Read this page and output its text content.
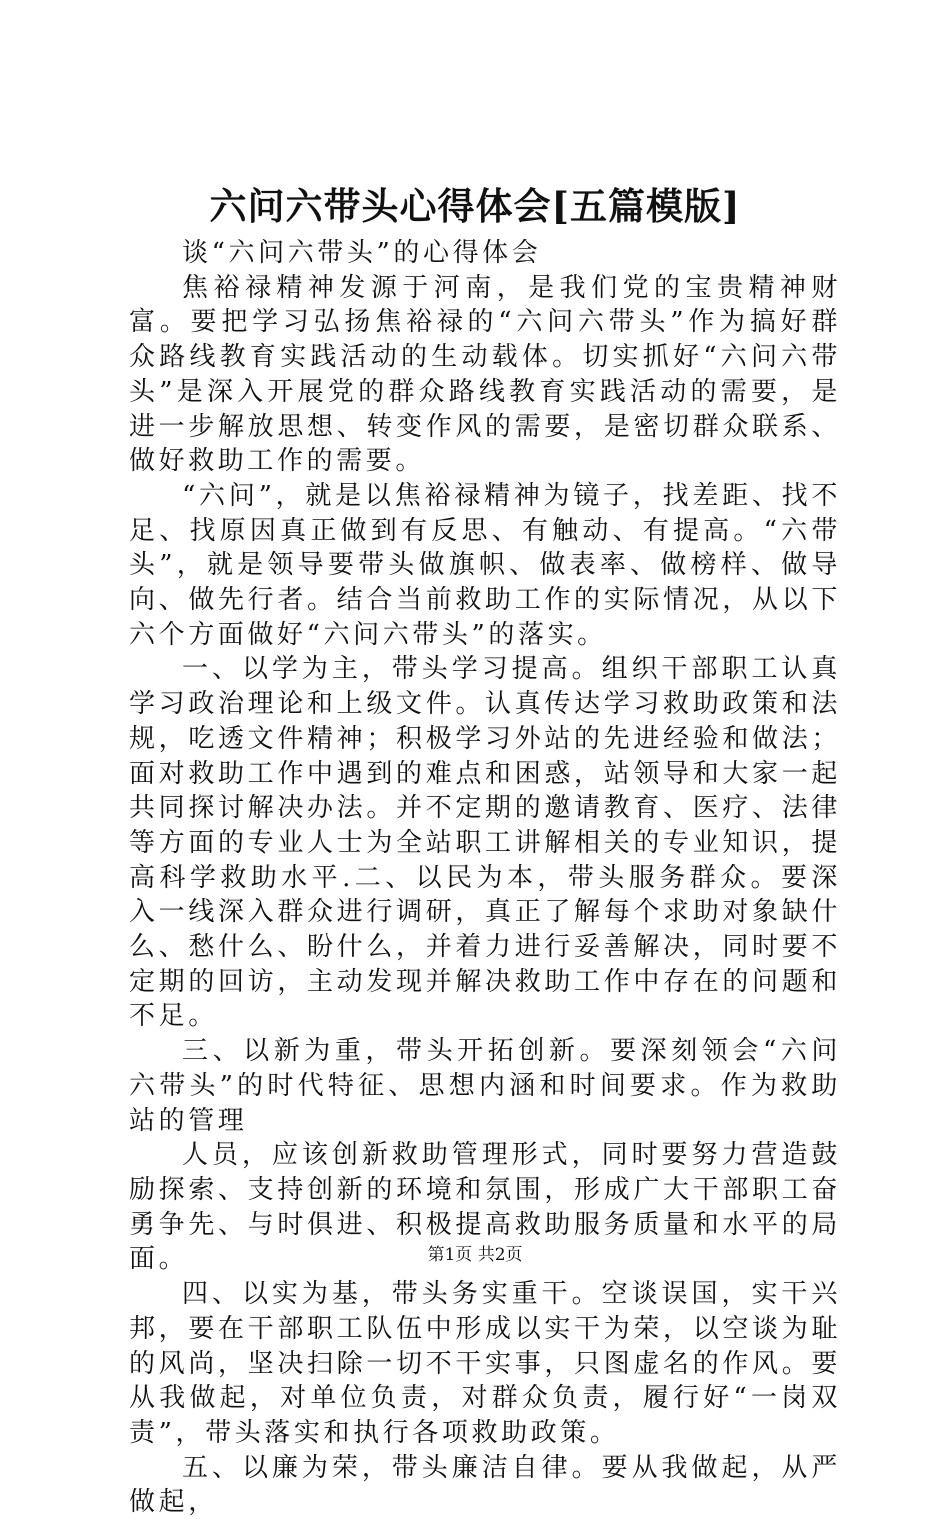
六问六带头心得体会[五篇模版]

谈“六问六带头”的心得体会

焦裕禄精神发源于河南，是我们党的宝贵精神财富。要把学习弘扬焦裕禄的“六问六带头”作为搞好群众路线教育实践活动的生动载体。切实抓好“六问六带头”是深入开展党的群众路线教育实践活动的需要，是进一步解放思想、转变作风的需要，是密切群众联系、做好救助工作的需要。

“六问”，就是以焦裕禄精神为镜子，找差距、找不足、找原因真正做到有反思、有触动、有提高。“六带头”，就是领导要带头做旗帜、做表率、做榜样、做导向、做先行者。结合当前救助工作的实际情况，从以下六个方面做好“六问六带头”的落实。

一、以学为主，带头学习提高。组织干部职工认真学习政治理论和上级文件。认真传达学习救助政策和法规，吃透文件精神；积极学习外站的先进经验和做法；面对救助工作中遇到的难点和困惑，站领导和大家一起共同探讨解决办法。并不定期的邀请教育、医疗、法律等方面的专业人士为全站职工讲解相关的专业知识，提高科学救助水平.二、以民为本，带头服务群众。要深入一线深入群众进行调研，真正了解每个求助对象缺什么、愁什么、盼什么，并着力进行妥善解决，同时要不定期的回访，主动发现并解决救助工作中存在的问题和不足。

三、以新为重，带头开拓创新。要深刻领会“六问六带头”的时代特征、思想内涵和时间要求。作为救助站的管理

人员，应该创新救助管理形式，同时要努力营造鼓励探索、支持创新的环境和氛围，形成广大干部职工奋勇争先、与时俱进、积极提高救助服务质量和水平的局面。

四、以实为基，带头务实重干。空谈误国，实干兴邦，要在干部职工队伍中形成以实干为荣，以空谈为耻的风尚，坚决扫除一切不干实事，只图虚名的作风。要从我做起，对单位负责，对群众负责，履行好“一岗双责”，带头落实和执行各项救助政策。

五、以廉为荣，带头廉洁自律。要从我做起，从严做起，

第1页 共2页
